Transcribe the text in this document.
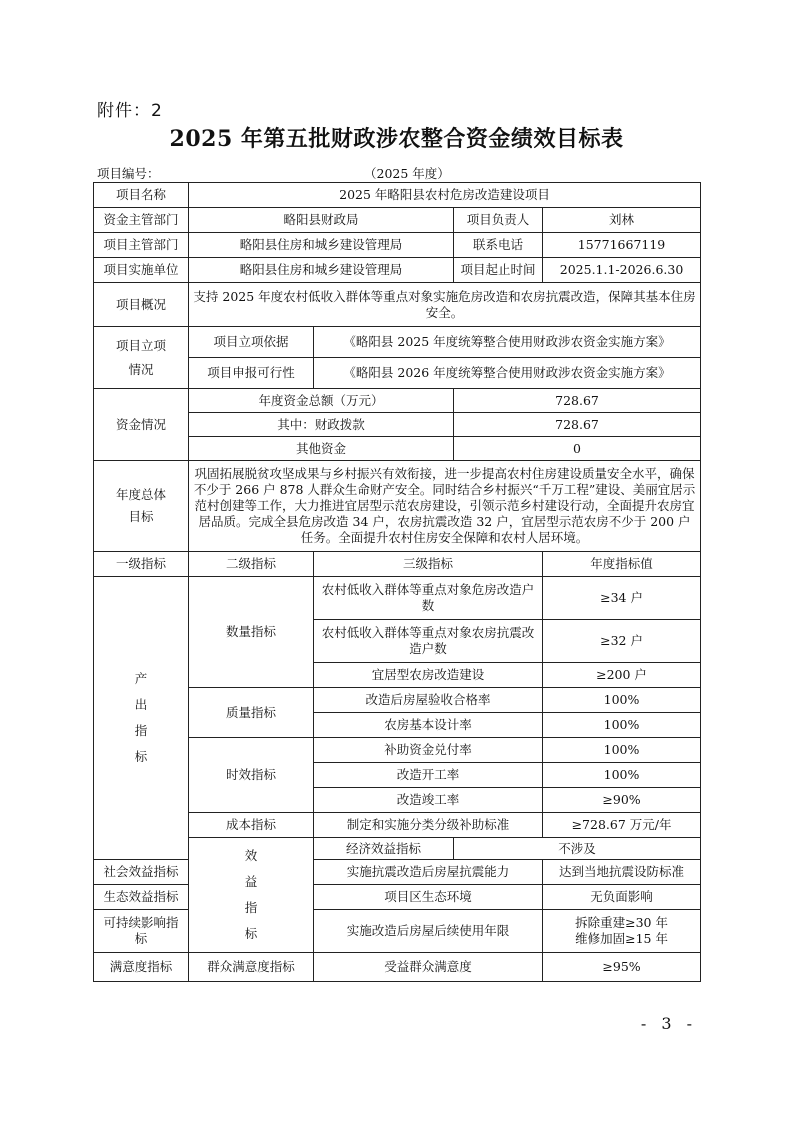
附件：2
2025 年第五批财政涉农整合资金绩效目标表
项目编号：	（2025 年度）
项目名称	2025 年略阳县农村危房改造建设项目				
资金主管部门	略阳县财政局		项目负责人	刘林	
项目主管部门	略阳县住房和城乡建设管理局		联系电话	15771667119	
项目实施单位	略阳县住房和城乡建设管理局		项目起止时间	2025.1.1-2026.6.30	
项目概况	支持 2025 年度农村低收入群体等重点对象实施危房改造和农房抗震改造，保障其基本住房安全。				
项目立项情况	项目立项依据	《略阳县 2025 年度统筹整合使用财政涉农资金实施方案》			
	项目申报可行性	《略阳县 2026 年度统筹整合使用财政涉农资金实施方案》			
资金情况	年度资金总额（万元）		728.67		
	其中：财政拨款		728.67		
	其他资金		0		
年度总体目标	巩固拓展脱贫攻坚成果与乡村振兴有效衔接，进一步提高农村住房建设质量安全水平，确保不少于 266 户 878 人群众生命财产安全。同时结合乡村振兴“千万工程”建设、美丽宜居示范村创建等工作，大力推进宜居型示范农房建设，引领示范乡村建设行动，全面提升农房宜居品质。完成全县危房改造 34 户，农房抗震改造 32 户，宜居型示范农房不少于 200 户任务。全面提升农村住房安全保障和农村人居环境。				
一级指标	二级指标	三级指标		年度指标值	
产出指标	数量指标	农村低收入群体等重点对象危房改造户数		≥34 户	
		农村低收入群体等重点对象农房抗震改造户数		≥32 户	
		宜居型农房改造建设		≥200 户	
	质量指标	改造后房屋验收合格率		100%	
		农房基本设计率		100%	
	时效指标	补助资金兑付率		100%	
		改造开工率		100%	
		改造竣工率		≥90%	
	成本指标	制定和实施分类分级补助标准		≥728.67 万元/年	
	效益指标	经济效益指标	不涉及	
社会效益指标		实施抗震改造后房屋抗震能力		达到当地抗震设防标准	
生态效益指标		项目区生态环境		无负面影响	
可持续影响指标		实施改造后房屋后续使用年限		拆除重建≥30 年
维修加固≥15 年	

满意度指标	群众满意度指标	受益群众满意度		≥95%	
- 3 -
